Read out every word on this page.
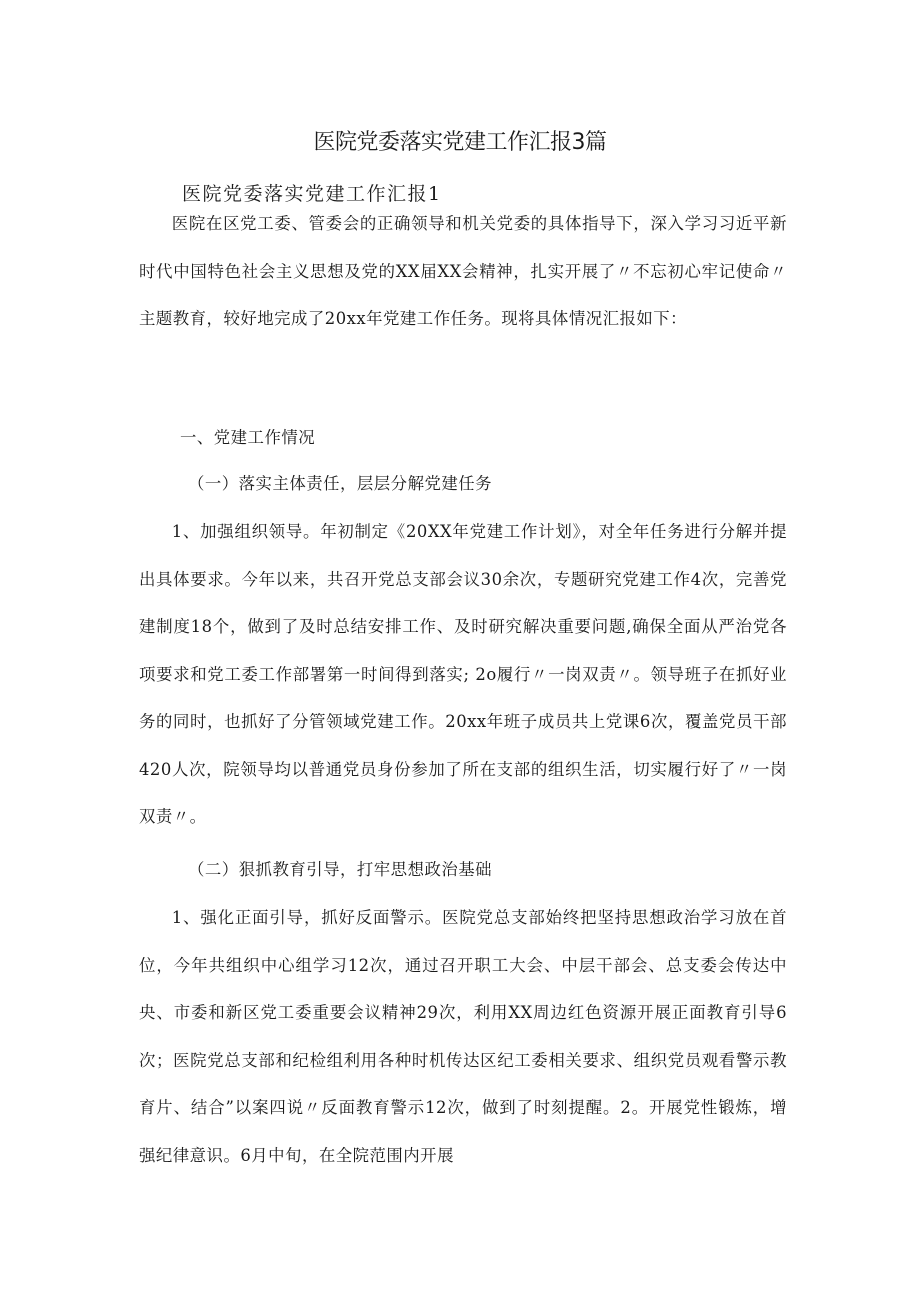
医院党委落实党建工作汇报3篇
医院党委落实党建工作汇报1
医院在区党工委、管委会的正确领导和机关党委的具体指导下，深入学习习近平新时代中国特色社会主义思想及党的XX届XX会精神，扎实开展了〃不忘初心牢记使命〃主题教育，较好地完成了20xx年党建工作任务。现将具体情况汇报如下：
一、党建工作情况
（一）落实主体责任，层层分解党建任务
1、加强组织领导。年初制定《20XX年党建工作计划》，对全年任务进行分解并提出具体要求。今年以来，共召开党总支部会议30余次，专题研究党建工作4次，完善党建制度18个，做到了及时总结安排工作、及时研究解决重要问题,确保全面从严治党各项要求和党工委工作部署第一时间得到落实; 2o履行〃一岗双责〃。领导班子在抓好业务的同时，也抓好了分管领域党建工作。20xx年班子成员共上党课6次，覆盖党员干部420人次，院领导均以普通党员身份参加了所在支部的组织生活，切实履行好了〃一岗双责〃。
（二）狠抓教育引导，打牢思想政治基础
1、强化正面引导，抓好反面警示。医院党总支部始终把坚持思想政治学习放在首位，今年共组织中心组学习12次，通过召开职工大会、中层干部会、总支委会传达中央、市委和新区党工委重要会议精神29次，利用XX周边红色资源开展正面教育引导6次；医院党总支部和纪检组利用各种时机传达区纪工委相关要求、组织党员观看警示教育片、结合”以案四说〃反面教育警示12次，做到了时刻提醒。2。开展党性锻炼，增强纪律意识。6月中旬，在全院范围内开展
